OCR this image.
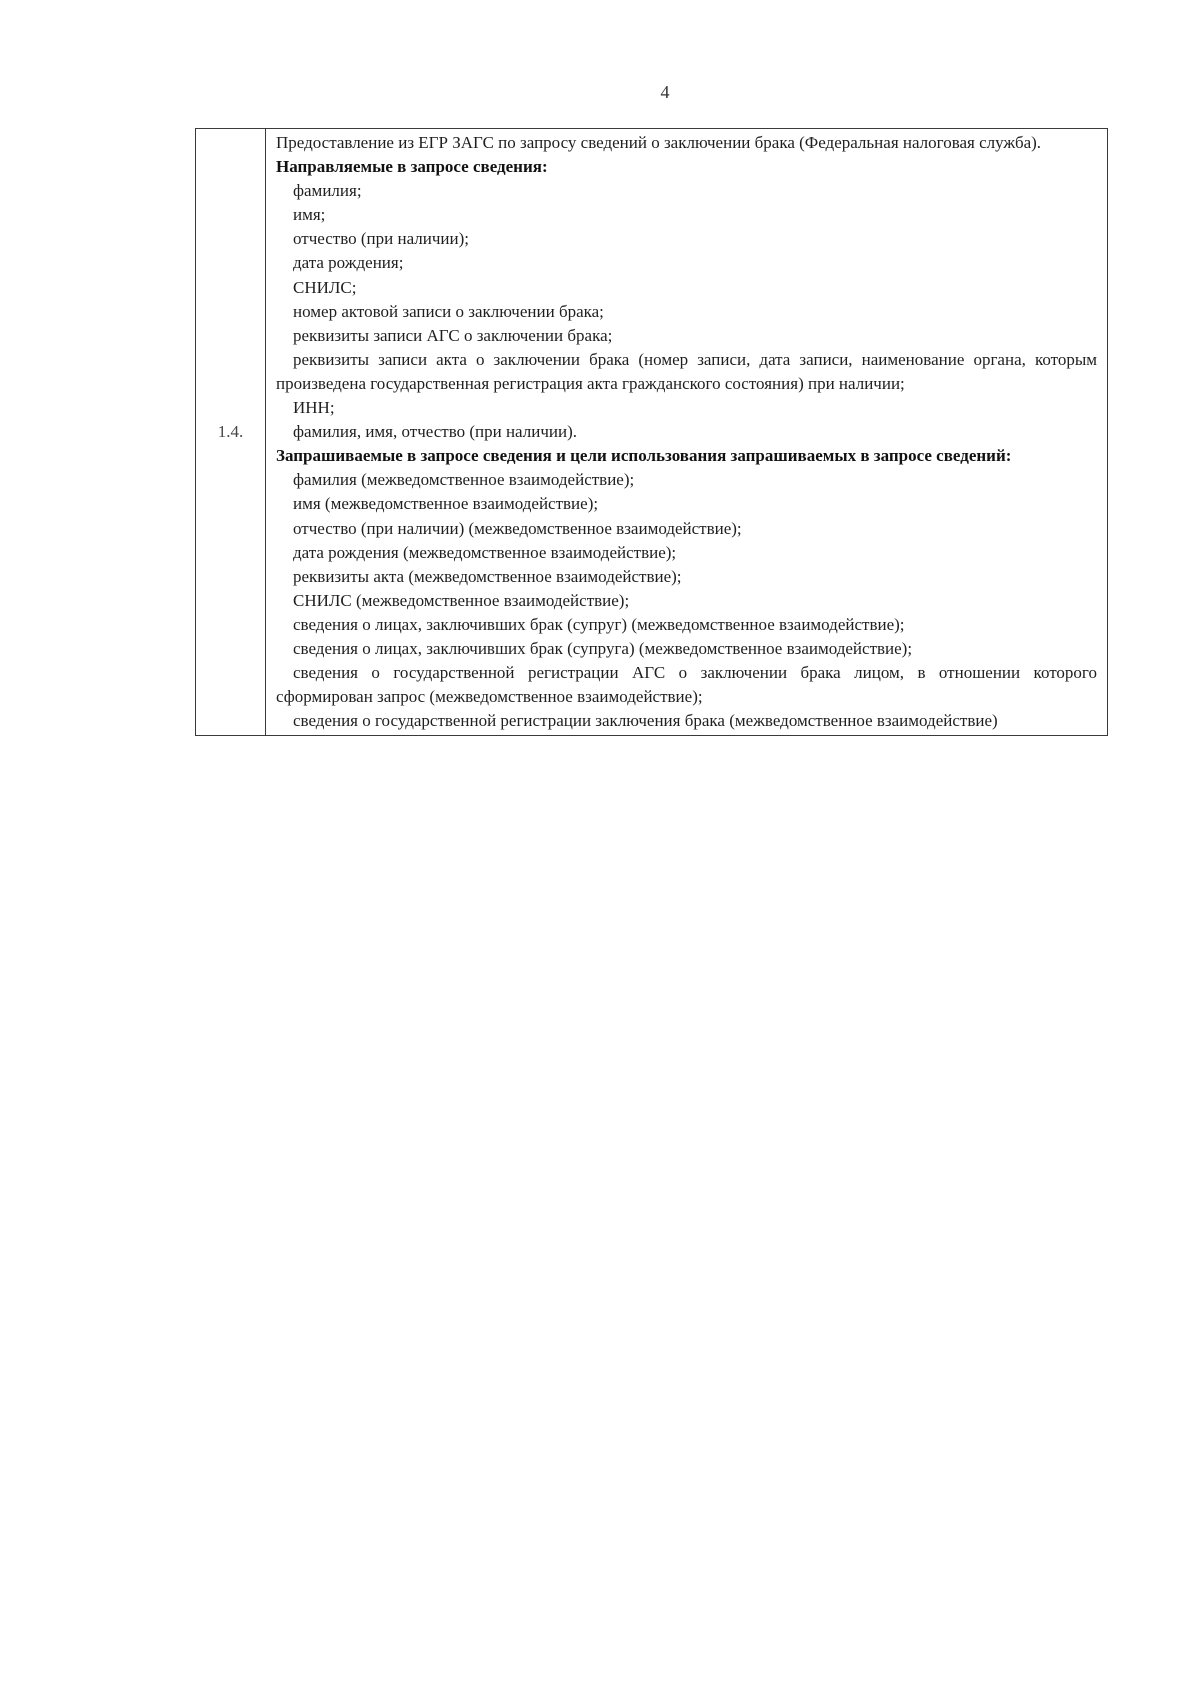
4
1.4.

Предоставление из ЕГР ЗАГС по запросу сведений о заключении брака (Федеральная налоговая служба).

Направляемые в запросе сведения:

фамилия;

имя;

отчество (при наличии);

дата рождения;

СНИЛС;

номер актовой записи о заключении брака;

реквизиты записи АГС о заключении брака;

реквизиты записи акта о заключении брака (номер записи, дата записи, наименование органа, которым произведена государственная регистрация акта гражданского состояния) при наличии;

ИНН;

фамилия, имя, отчество (при наличии).

Запрашиваемые в запросе сведения и цели использования запрашиваемых в запросе сведений:

фамилия (межведомственное взаимодействие);

имя (межведомственное взаимодействие);

отчество (при наличии) (межведомственное взаимодействие);

дата рождения (межведомственное взаимодействие);

реквизиты акта (межведомственное взаимодействие);

СНИЛС (межведомственное взаимодействие);

сведения о лицах, заключивших брак (супруг) (межведомственное взаимодействие);

сведения о лицах, заключивших брак (супруга) (межведомственное взаимодействие);

сведения о государственной регистрации АГС о заключении брака лицом, в отношении которого сформирован запрос (межведомственное взаимодействие);

сведения о государственной регистрации заключения брака (межведомственное взаимодействие)
